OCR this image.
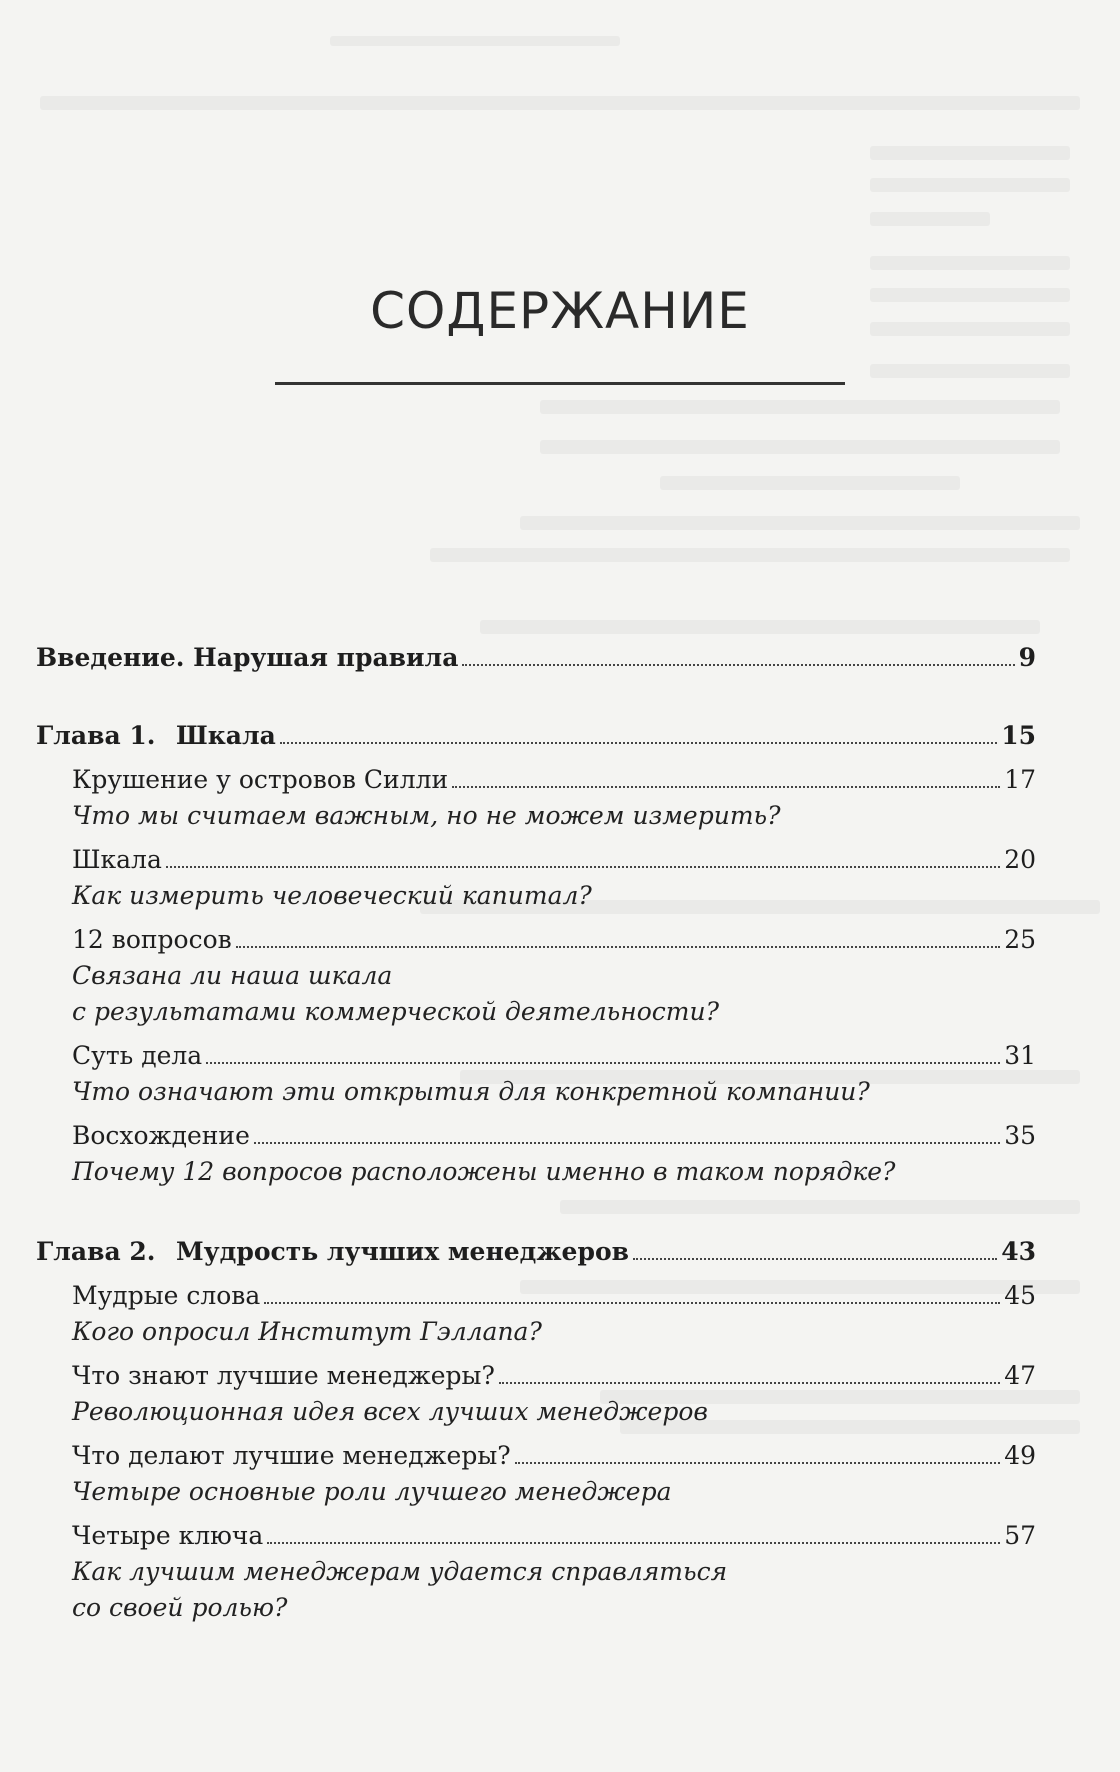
СОДЕРЖАНИЕ
Введение. Нарушая правила	9
Глава 1. Шкала	15
Крушение у островов Силли	17
Что мы считаем важным, но не можем измерить?
Шкала	20
Как измерить человеческий капитал?
12 вопросов	25
Связана ли наша шкала
с результатами коммерческой деятельности?
Суть дела	31
Что означают эти открытия для конкретной компании?
Восхождение	35
Почему 12 вопросов расположены именно в таком порядке?
Глава 2. Мудрость лучших менеджеров	43
Мудрые слова	45
Кого опросил Институт Гэллапа?
Что знают лучшие менеджеры?	47
Революционная идея всех лучших менеджеров
Что делают лучшие менеджеры?	49
Четыре основные роли лучшего менеджера
Четыре ключа	57
Как лучшим менеджерам удается справляться
со своей ролью?
